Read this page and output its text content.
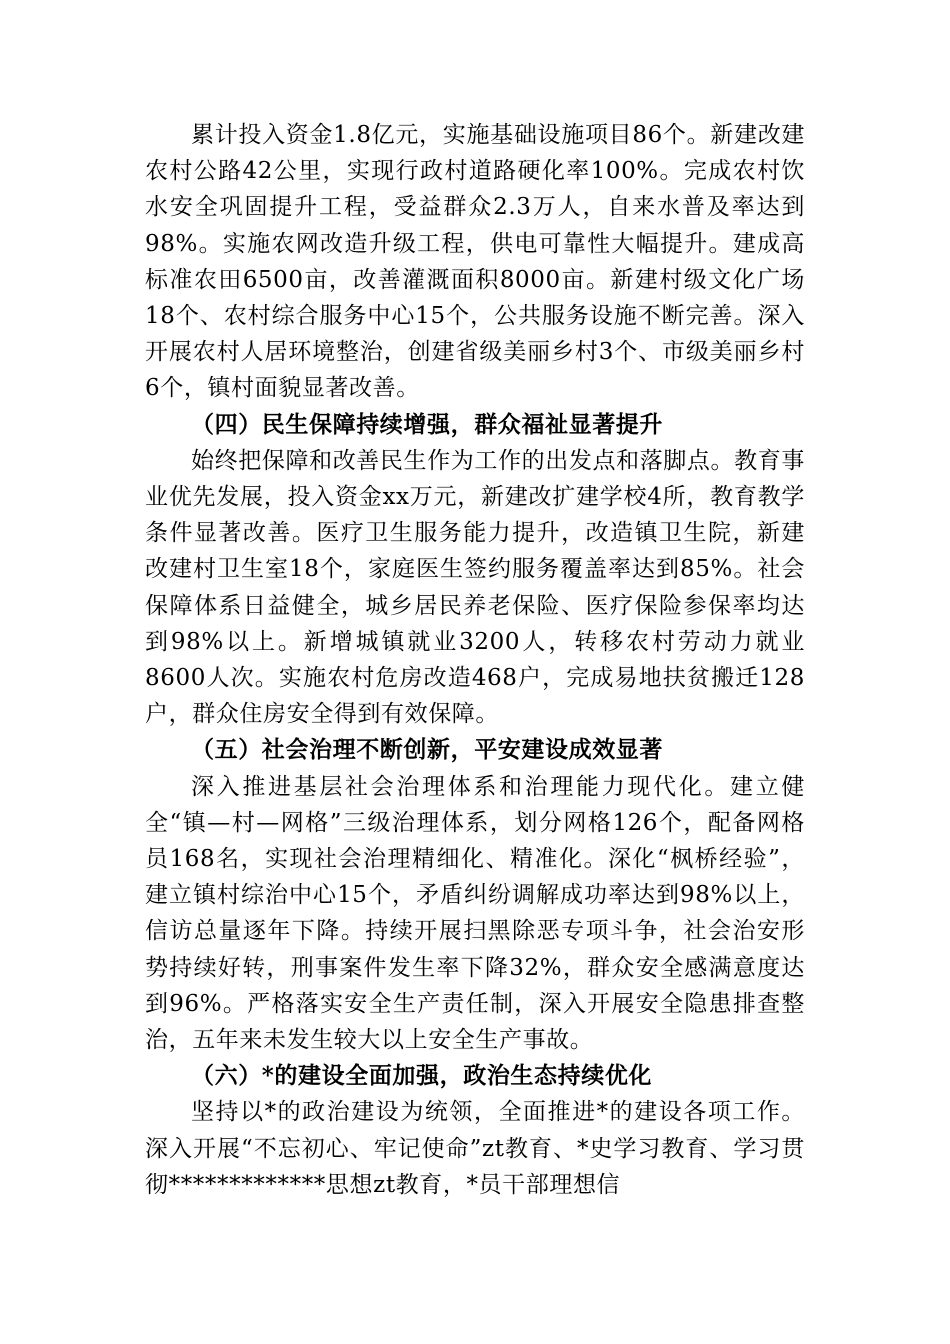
累计投入资金1.8亿元，实施基础设施项目86个。新建改建农村公路42公里，实现行政村道路硬化率100%。完成农村饮水安全巩固提升工程，受益群众2.3万人，自来水普及率达到98%。实施农网改造升级工程，供电可靠性大幅提升。建成高标准农田6500亩，改善灌溉面积8000亩。新建村级文化广场18个、农村综合服务中心15个，公共服务设施不断完善。深入开展农村人居环境整治，创建省级美丽乡村3个、市级美丽乡村6个，镇村面貌显著改善。

（四）民生保障持续增强，群众福祉显著提升

始终把保障和改善民生作为工作的出发点和落脚点。教育事业优先发展，投入资金xx万元，新建改扩建学校4所，教育教学条件显著改善。医疗卫生服务能力提升，改造镇卫生院，新建改建村卫生室18个，家庭医生签约服务覆盖率达到85%。社会保障体系日益健全，城乡居民养老保险、医疗保险参保率均达到98%以上。新增城镇就业3200人，转移农村劳动力就业8600人次。实施农村危房改造468户，完成易地扶贫搬迁128户，群众住房安全得到有效保障。

（五）社会治理不断创新，平安建设成效显著

深入推进基层社会治理体系和治理能力现代化。建立健全“镇—村—网格”三级治理体系，划分网格126个，配备网格员168名，实现社会治理精细化、精准化。深化“枫桥经验”，建立镇村综治中心15个，矛盾纠纷调解成功率达到98%以上，信访总量逐年下降。持续开展扫黑除恶专项斗争，社会治安形势持续好转，刑事案件发生率下降32%，群众安全感满意度达到96%。严格落实安全生产责任制，深入开展安全隐患排查整治，五年来未发生较大以上安全生产事故。

（六）*的建设全面加强，政治生态持续优化

坚持以*的政治建设为统领，全面推进*的建设各项工作。深入开展“不忘初心、牢记使命”zt教育、*史学习教育、学习贯彻*************思想zt教育，*员干部理想信
